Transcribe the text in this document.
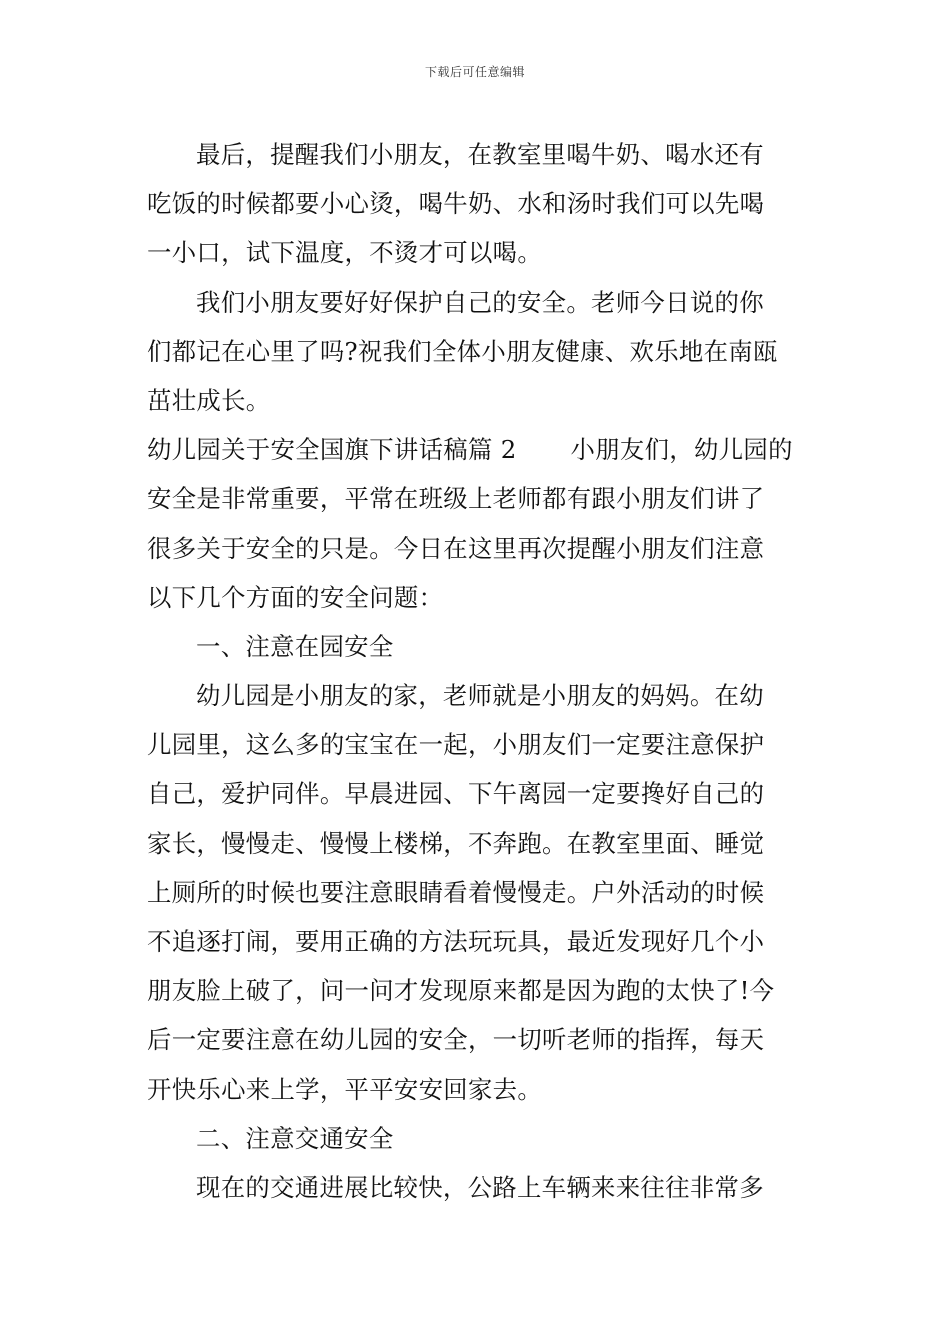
下载后可任意编辑
最后，提醒我们小朋友，在教室里喝牛奶、喝水还有
吃饭的时候都要小心烫，喝牛奶、水和汤时我们可以先喝
一小口，试下温度，不烫才可以喝。
我们小朋友要好好保护自己的安全。老师今日说的你
们都记在心里了吗?祝我们全体小朋友健康、欢乐地在南瓯
茁壮成长。
幼儿园关于安全国旗下讲话稿篇 2 小朋友们，幼儿园的
安全是非常重要，平常在班级上老师都有跟小朋友们讲了
很多关于安全的只是。今日在这里再次提醒小朋友们注意
以下几个方面的安全问题：
一、注意在园安全
幼儿园是小朋友的家，老师就是小朋友的妈妈。在幼
儿园里，这么多的宝宝在一起，小朋友们一定要注意保护
自己，爱护同伴。早晨进园、下午离园一定要搀好自己的
家长，慢慢走、慢慢上楼梯，不奔跑。在教室里面、睡觉
上厕所的时候也要注意眼睛看着慢慢走。户外活动的时候
不追逐打闹，要用正确的方法玩玩具，最近发现好几个小
朋友脸上破了，问一问才发现原来都是因为跑的太快了!今
后一定要注意在幼儿园的安全，一切听老师的指挥，每天
开快乐心来上学，平平安安回家去。
二、注意交通安全
现在的交通进展比较快，公路上车辆来来往往非常多
